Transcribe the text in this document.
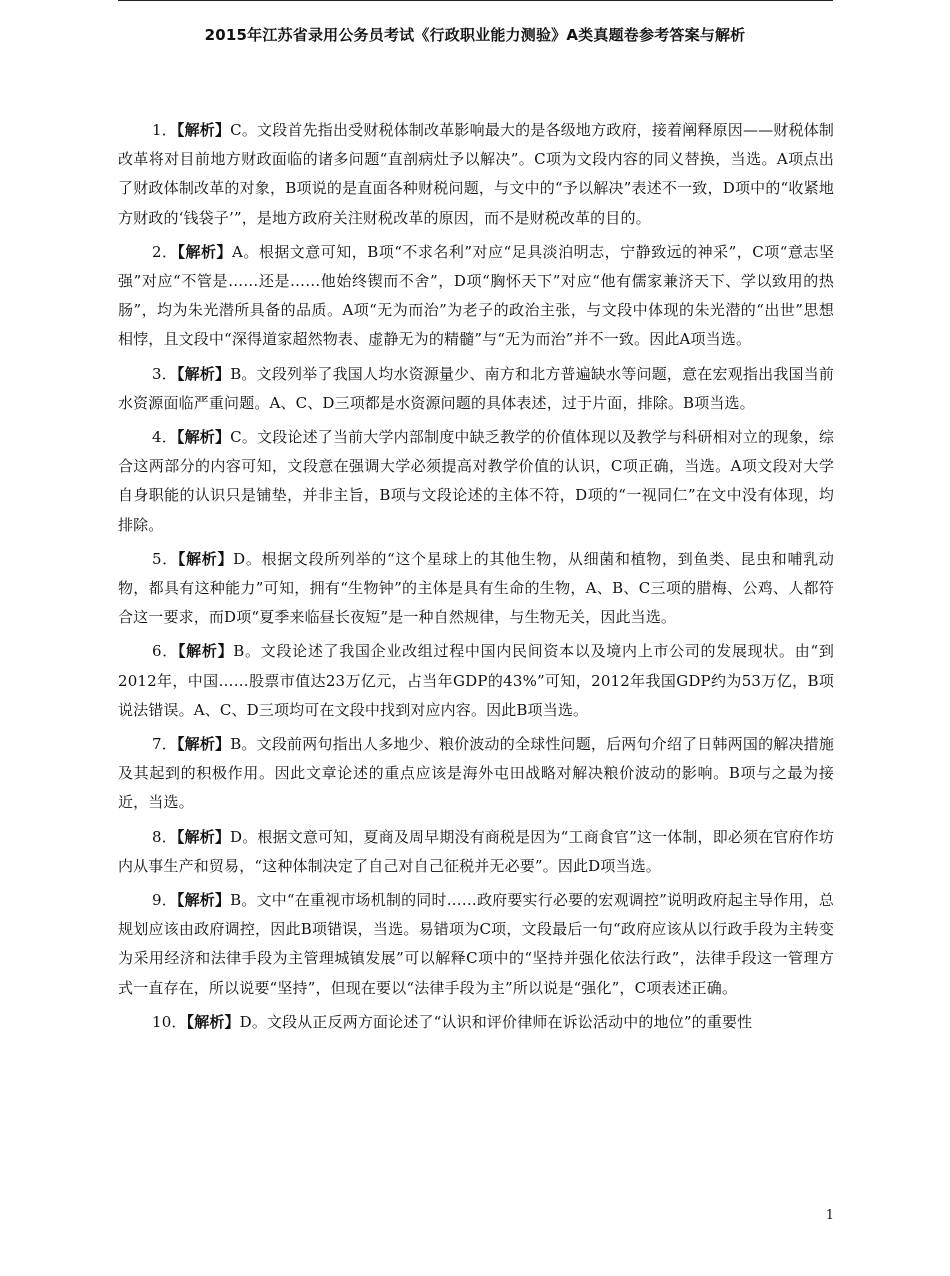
2015年江苏省录用公务员考试《行政职业能力测验》A类真题卷参考答案与解析

1．【解析】C。文段首先指出受财税体制改革影响最大的是各级地方政府，接着阐释原因——财税体制改革将对目前地方财政面临的诸多问题“直剖病灶予以解决”。C项为文段内容的同义替换，当选。A项点出了财政体制改革的对象，B项说的是直面各种财税问题，与文中的“予以解决”表述不一致，D项中的“收紧地方财政的‘钱袋子’”，是地方政府关注财税改革的原因，而不是财税改革的目的。

2．【解析】A。根据文意可知，B项“不求名利”对应“足具淡泊明志，宁静致远的神采”，C项“意志坚强”对应“不管是……还是……他始终锲而不舍”，D项“胸怀天下”对应“他有儒家兼济天下、学以致用的热肠”，均为朱光潜所具备的品质。A项“无为而治”为老子的政治主张，与文段中体现的朱光潜的“出世”思想相悖，且文段中“深得道家超然物表、虚静无为的精髓”与“无为而治”并不一致。因此A项当选。

3．【解析】B。文段列举了我国人均水资源量少、南方和北方普遍缺水等问题，意在宏观指出我国当前水资源面临严重问题。A、C、D三项都是水资源问题的具体表述，过于片面，排除。B项当选。

4．【解析】C。文段论述了当前大学内部制度中缺乏教学的价值体现以及教学与科研相对立的现象，综合这两部分的内容可知，文段意在强调大学必须提高对教学价值的认识，C项正确，当选。A项文段对大学自身职能的认识只是铺垫，并非主旨，B项与文段论述的主体不符，D项的“一视同仁”在文中没有体现，均排除。

5．【解析】D。根据文段所列举的“这个星球上的其他生物，从细菌和植物，到鱼类、昆虫和哺乳动物，都具有这种能力”可知，拥有“生物钟”的主体是具有生命的生物，A、B、C三项的腊梅、公鸡、人都符合这一要求，而D项“夏季来临昼长夜短”是一种自然规律，与生物无关，因此当选。

6．【解析】B。文段论述了我国企业改组过程中国内民间资本以及境内上市公司的发展现状。由“到2012年，中国……股票市值达23万亿元，占当年GDP的43%”可知，2012年我国GDP约为53万亿，B项说法错误。A、C、D三项均可在文段中找到对应内容。因此B项当选。

7．【解析】B。文段前两句指出人多地少、粮价波动的全球性问题，后两句介绍了日韩两国的解决措施及其起到的积极作用。因此文章论述的重点应该是海外屯田战略对解决粮价波动的影响。B项与之最为接近，当选。

8．【解析】D。根据文意可知，夏商及周早期没有商税是因为“工商食官”这一体制，即必须在官府作坊内从事生产和贸易，“这种体制决定了自己对自己征税并无必要”。因此D项当选。

9．【解析】B。文中“在重视市场机制的同时……政府要实行必要的宏观调控”说明政府起主导作用，总规划应该由政府调控，因此B项错误，当选。易错项为C项，文段最后一句“政府应该从以行政手段为主转变为采用经济和法律手段为主管理城镇发展”可以解释C项中的“坚持并强化依法行政”，法律手段这一管理方式一直存在，所以说要“坚持”，但现在要以“法律手段为主”所以说是“强化”，C项表述正确。

10．【解析】D。文段从正反两方面论述了“认识和评价律师在诉讼活动中的地位”的重要性

1
